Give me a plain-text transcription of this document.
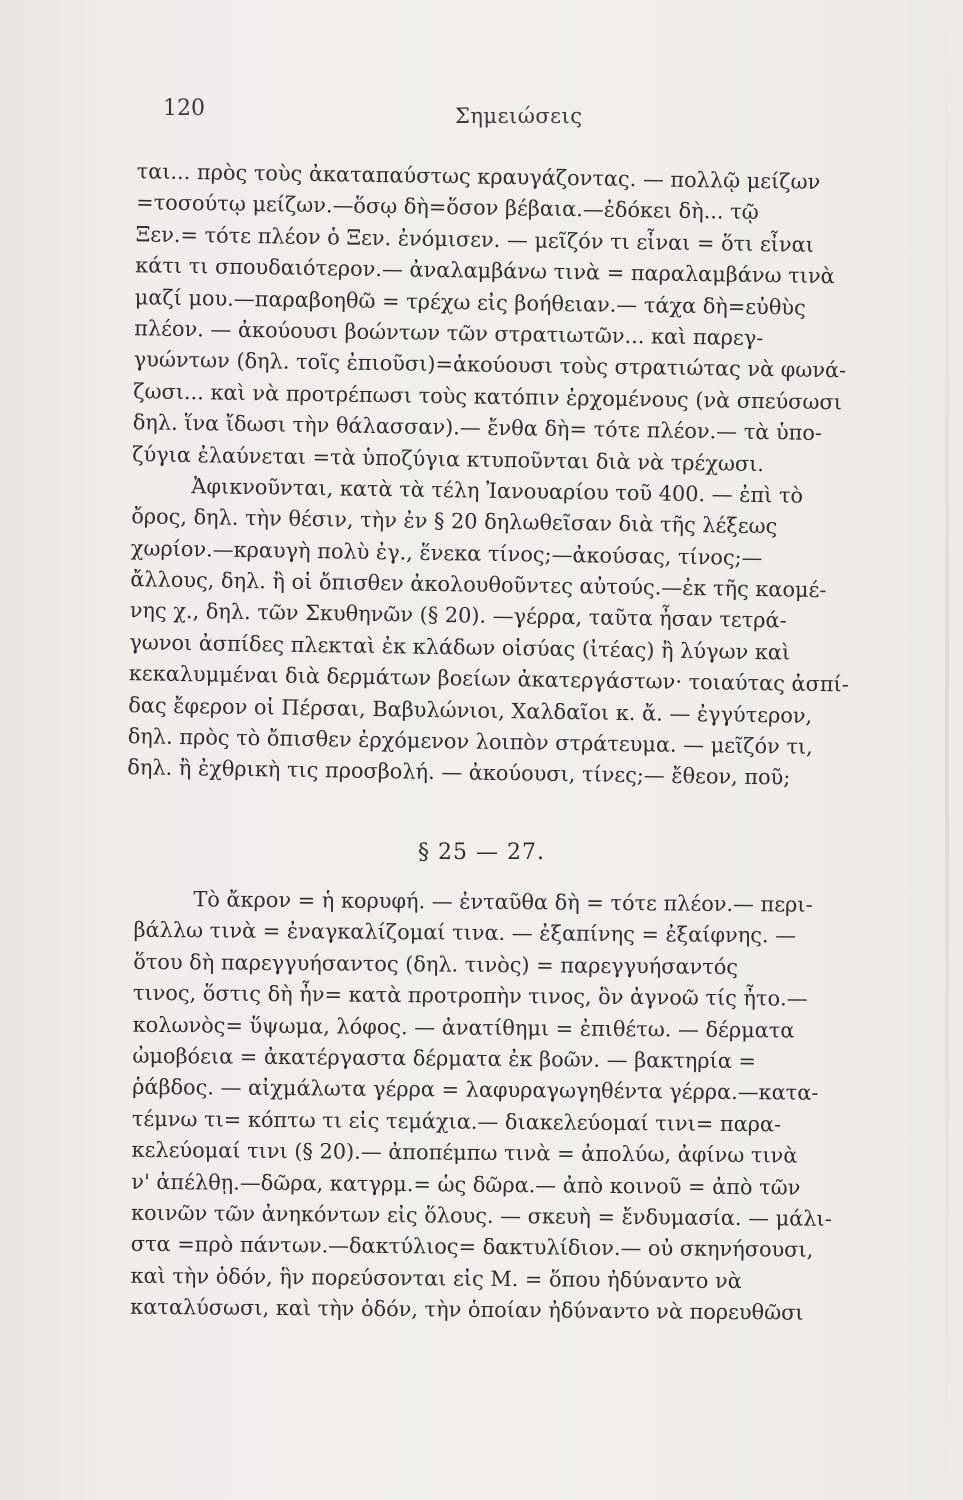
120	Σημειώσεις
ται... πρὸς τοὺς ἀκαταπαύστως κραυγάζοντας. — πολλῷ μείζων
=τοσούτῳ μείζων.—ὅσῳ δὴ=ὅσον βέβαια.—ἐδόκει δὴ... τῷ
Ξεν.= τότε πλέον ὁ Ξεν. ἐνόμισεν. — μεῖζόν τι εἶναι = ὅτι εἶναι
κάτι τι σπουδαιότερον.— ἀναλαμβάνω τινὰ = παραλαμβάνω τινὰ
μαζί μου.—παραβοηθῶ = τρέχω εἰς βοήθειαν.— τάχα δὴ=εὐθὺς
πλέον. — ἀκούουσι βοώντων τῶν στρατιωτῶν... καὶ παρεγ-
γυώντων (δηλ. τοῖς ἐπιοῦσι)=ἀκούουσι τοὺς στρατιώτας νὰ φωνά-
ζωσι... καὶ νὰ προτρέπωσι τοὺς κατόπιν ἐρχομένους (νὰ σπεύσωσι
δηλ. ἵνα ἴδωσι τὴν θάλασσαν).— ἔνθα δὴ= τότε πλέον.— τὰ ὑπο-
ζύγια ἐλαύνεται =τὰ ὑποζύγια κτυποῦνται διὰ νὰ τρέχωσι.
Ἀφικνοῦνται, κατὰ τὰ τέλη Ἰανουαρίου τοῦ 400. — ἐπὶ τὸ
ὄρος, δηλ. τὴν θέσιν, τὴν ἐν § 20 δηλωθεῖσαν διὰ τῆς λέξεως
χωρίον.—κραυγὴ πολὺ ἐγ., ἕνεκα τίνος;—ἀκούσας, τίνος;—
ἄλλους, δηλ. ἢ οἱ ὄπισθεν ἀκολουθοῦντες αὐτούς.—ἐκ τῆς καομέ-
νης χ., δηλ. τῶν Σκυθηνῶν (§ 20). —γέρρα, ταῦτα ἦσαν τετρά-
γωνοι ἀσπίδες πλεκταὶ ἐκ κλάδων οἰσύας (ἰτέας) ἢ λύγων καὶ
κεκαλυμμέναι διὰ δερμάτων βοείων ἀκατεργάστων· τοιαύτας ἀσπί-
δας ἔφερον οἱ Πέρσαι, Βαβυλώνιοι, Χαλδαῖοι κ. ἄ. — ἐγγύτερον,
δηλ. πρὸς τὸ ὄπισθεν ἐρχόμενον λοιπὸν στράτευμα. — μεῖζόν τι,
δηλ. ἢ ἐχθρικὴ τις προσβολή. — ἀκούουσι, τίνες;— ἔθεον, ποῦ;
§ 25 — 27.
Τὸ ἄκρον = ἡ κορυφή. — ἐνταῦθα δὴ = τότε πλέον.— περι-
βάλλω τινὰ = ἐναγκαλίζομαί τινα. — ἐξαπίνης = ἐξαίφνης. —
ὅτου δὴ παρεγγυήσαντος (δηλ. τινὸς) = παρεγγυήσαντός
τινος, ὅστις δὴ ἦν= κατὰ προτροπὴν τινος, ὃν ἀγνοῶ τίς ἦτο.—
κολωνὸς= ὕψωμα, λόφος. — ἀνατίθημι = ἐπιθέτω. — δέρματα
ὠμοβόεια = ἀκατέργαστα δέρματα ἐκ βοῶν. — βακτηρία =
ῥάβδος. — αἰχμάλωτα γέρρα = λαφυραγωγηθέντα γέρρα.—κατα-
τέμνω τι= κόπτω τι εἰς τεμάχια.— διακελεύομαί τινι= παρα-
κελεύομαί τινι (§ 20).— ἀποπέμπω τινὰ = ἀπολύω, ἀφίνω τινὰ
ν' ἀπέλθῃ.—δῶρα, κατγρμ.= ὡς δῶρα.— ἀπὸ κοινοῦ = ἀπὸ τῶν
κοινῶν τῶν ἀνηκόντων εἰς ὅλους. — σκευὴ = ἔνδυμασία. — μάλι-
στα =πρὸ πάντων.—δακτύλιος= δακτυλίδιον.— οὐ σκηνήσουσι,
καὶ τὴν ὁδόν, ἣν πορεύσονται εἰς Μ. = ὅπου ἠδύναντο νὰ
καταλύσωσι, καὶ τὴν ὁδόν, τὴν ὁποίαν ἠδύναντο νὰ πορευθῶσι
